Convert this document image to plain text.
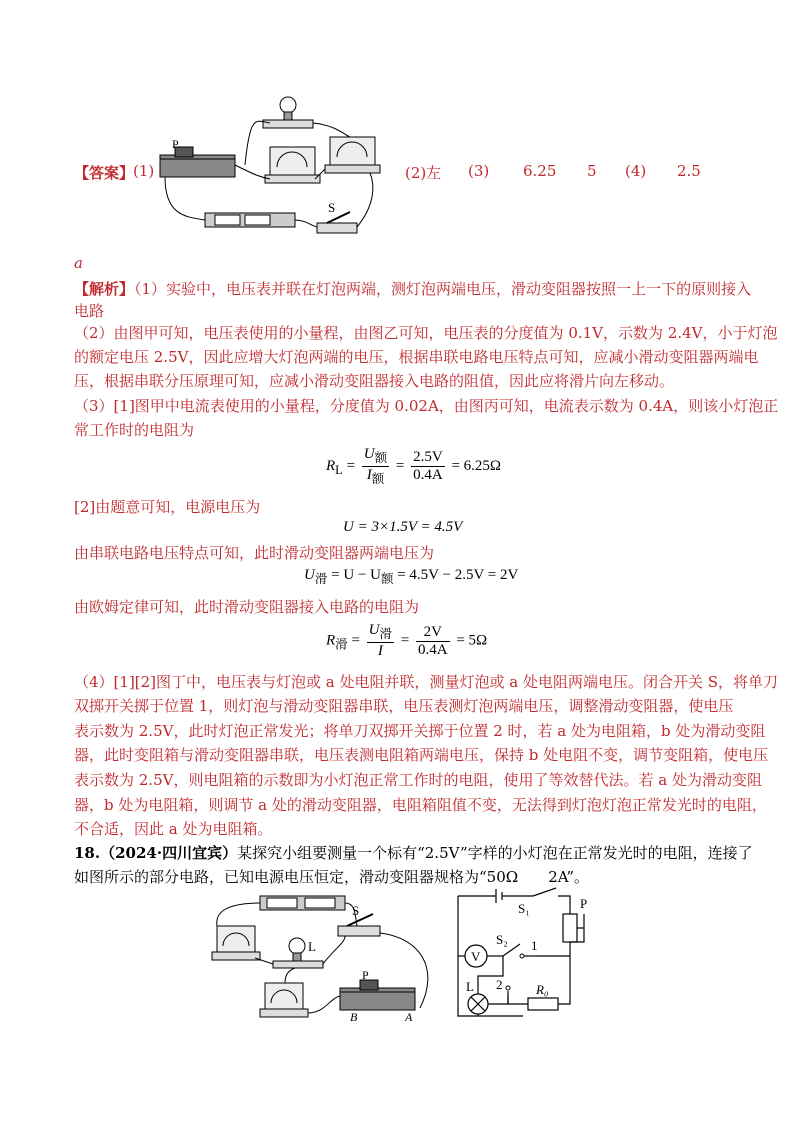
【答案】
(1)
P
S
(2)左 (3) 6.25 5 (4) 2.5
a
【解析】（1）实验中，电压表并联在灯泡两端，测灯泡两端电压，滑动变阻器按照一上一下的原则接入
电路
（2）由图甲可知，电压表使用的小量程，由图乙可知，电压表的分度值为 0.1V，示数为 2.4V，小于灯泡
的额定电压 2.5V，因此应增大灯泡两端的电压，根据串联电路电压特点可知，应减小滑动变阻器两端电
压，根据串联分压原理可知，应减小滑动变阻器接入电路的阻值，因此应将滑片向左移动。
（3）[1]图甲中电流表使用的小量程，分度值为 0.02A，由图丙可知，电流表示数为 0.4A，则该小灯泡正
常工作时的电阻为
$R_L = \frac{U_额}{I_额} = \frac{2.5V}{0.4A} = 6.25\Omega$
[2]由题意可知，电源电压为
U = 3×1.5V = 4.5V
由串联电路电压特点可知，此时滑动变阻器两端电压为
$U_滑 = U - U_额 = 4.5V - 2.5V = 2V$
由欧姆定律可知，此时滑动变阻器接入电路的电阻为
$R_滑 = \frac{U_滑}{I} = \frac{2V}{0.4A} = 5\Omega$
（4）[1][2]图丁中，电压表与灯泡或 a 处电阻并联，测量灯泡或 a 处电阻两端电压。闭合开关 S，将单刀
双掷开关掷于位置 1，则灯泡与滑动变阻器串联，电压表测灯泡两端电压，调整滑动变阻器，使电压
表示数为 2.5V，此时灯泡正常发光；将单刀双掷开关掷于位置 2 时，若 a 处为电阻箱，b 处为滑动变阻
器，此时变阻箱与滑动变阻器串联，电压表测电阻箱两端电压，保持 b 处电阻不变，调节变阻箱，使电压
表示数为 2.5V，则电阻箱的示数即为小灯泡正常工作时的电阻，使用了等效替代法。若 a 处为滑动变阻
器，b 处为电阻箱，则调节 a 处的滑动变阻器，电阻箱阻值不变，无法得到灯泡灯泡正常发光时的电阻，
不合适，因此 a 处为电阻箱。
18.（2024·四川宜宾）某探究小组要测量一个标有“2.5V”字样的小灯泡在正常发光时的电阻，连接了
如图所示的部分电路，已知电源电压恒定，滑动变阻器规格为“50Ω　　2A”。
L
S
P
B	A
S₁	P
S₂ 1
2
V
L	R₀
